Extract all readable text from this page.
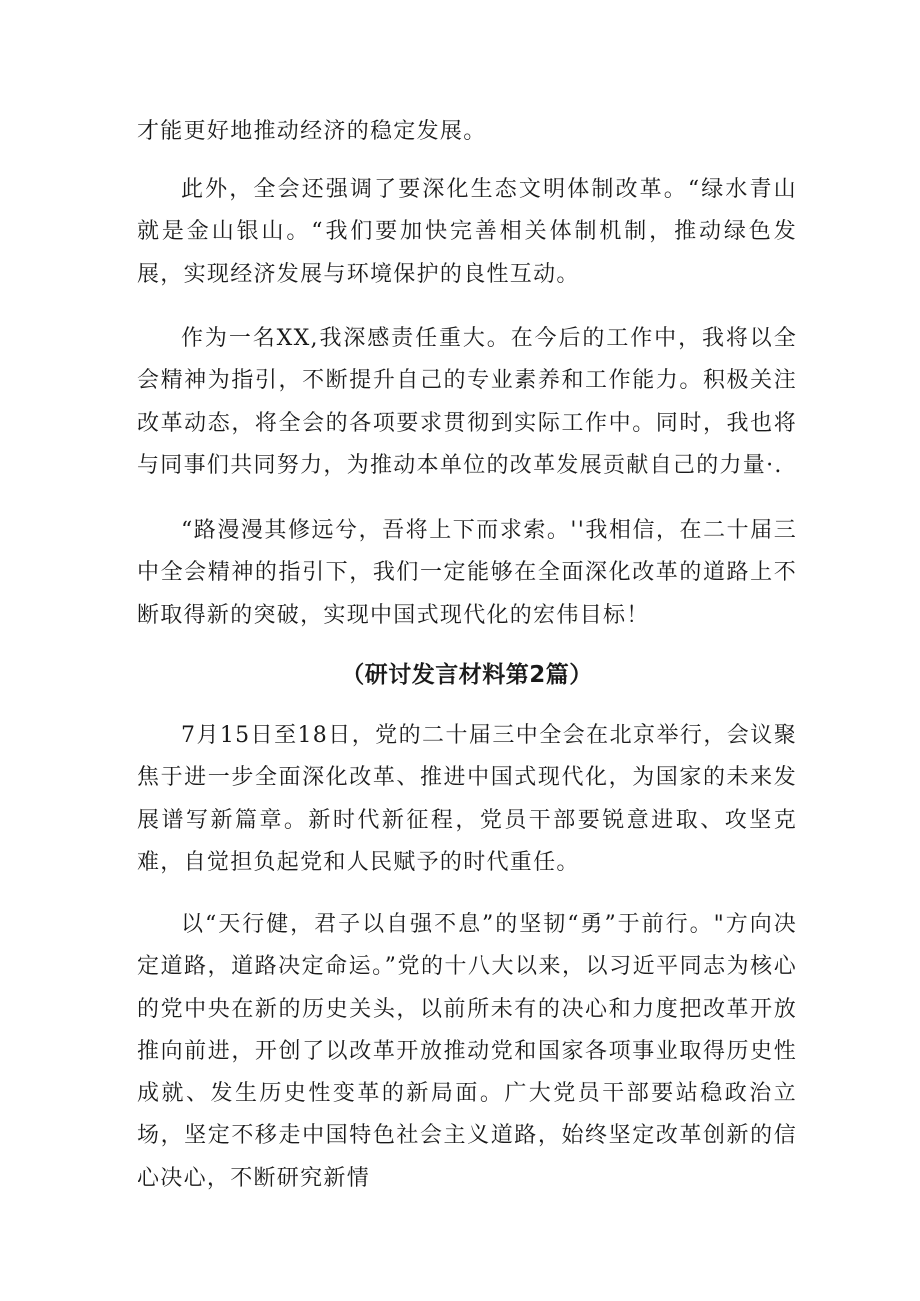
才能更好地推动经济的稳定发展。

此外，全会还强调了要深化生态文明体制改革。“绿水青山就是金山银山。“我们要加快完善相关体制机制，推动绿色发展，实现经济发展与环境保护的良性互动。

作为一名XX,我深感责任重大。在今后的工作中，我将以全会精神为指引，不断提升自己的专业素养和工作能力。积极关注改革动态，将全会的各项要求贯彻到实际工作中。同时，我也将与同事们共同努力，为推动本单位的改革发展贡献自己的力量·.

“路漫漫其修远兮，吾将上下而求索。''我相信，在二十届三中全会精神的指引下，我们一定能够在全面深化改革的道路上不断取得新的突破，实现中国式现代化的宏伟目标！

（研讨发言材料第2篇）

7月15日至18日，党的二十届三中全会在北京举行，会议聚焦于进一步全面深化改革、推进中国式现代化，为国家的未来发展谱写新篇章。新时代新征程，党员干部要锐意进取、攻坚克难，自觉担负起党和人民赋予的时代重任。

以“天行健，君子以自强不息”的坚韧“勇”于前行。"方向决定道路，道路决定命运。”党的十八大以来，以习近平同志为核心的党中央在新的历史关头，以前所未有的决心和力度把改革开放推向前进，开创了以改革开放推动党和国家各项事业取得历史性成就、发生历史性变革的新局面。广大党员干部要站稳政治立场，坚定不移走中国特色社会主义道路，始终坚定改革创新的信心决心，不断研究新情
